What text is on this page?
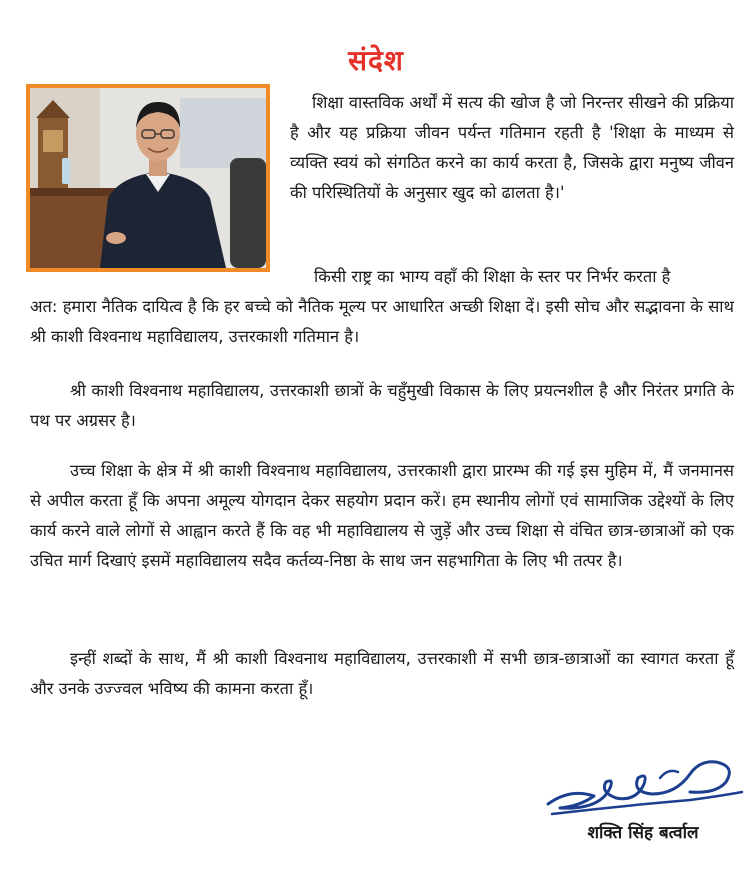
संदेश

शिक्षा वास्तविक अर्थों में सत्य की खोज है जो निरन्तर सीखने की प्रक्रिया है और यह प्रक्रिया जीवन पर्यन्त गतिमान रहती है 'शिक्षा के माध्यम से व्यक्ति स्वयं को संगठित करने का कार्य करता है, जिसके द्वारा मनुष्य जीवन की परिस्थितियों के अनुसार खुद को ढालता है।'

किसी राष्ट्र का भाग्य वहाँ की शिक्षा के स्तर पर निर्भर करता है
अत: हमारा नैतिक दायित्व है कि हर बच्चे को नैतिक मूल्य पर आधारित अच्छी शिक्षा दें। इसी सोच और सद्भावना के साथ श्री काशी विश्वनाथ महाविद्यालय, उत्तरकाशी गतिमान है।

श्री काशी विश्वनाथ महाविद्यालय, उत्तरकाशी छात्रों के चहुँमुखी विकास के लिए प्रयत्नशील है और निरंतर प्रगति के पथ पर अग्रसर है।

उच्च शिक्षा के क्षेत्र में श्री काशी विश्वनाथ महाविद्यालय, उत्तरकाशी द्वारा प्रारम्भ की गई इस मुहिम में, मैं जनमानस से अपील करता हूँ कि अपना अमूल्य योगदान देकर सहयोग प्रदान करें। हम स्थानीय लोगों एवं सामाजिक उद्देश्यों के लिए कार्य करने वाले लोगों से आह्वान करते हैं कि वह भी महाविद्यालय से जुड़ें और उच्च शिक्षा से वंचित छात्र-छात्राओं को एक उचित मार्ग दिखाएं इसमें महाविद्यालय सदैव कर्तव्य-निष्ठा के साथ जन सहभागिता के लिए भी तत्पर है।

इन्हीं शब्दों के साथ, मैं श्री काशी विश्वनाथ महाविद्यालय, उत्तरकाशी में सभी छात्र-छात्राओं का स्वागत करता हूँ और उनके उज्ज्वल भविष्य की कामना करता हूँ।

शक्ति सिंह बर्त्वाल
